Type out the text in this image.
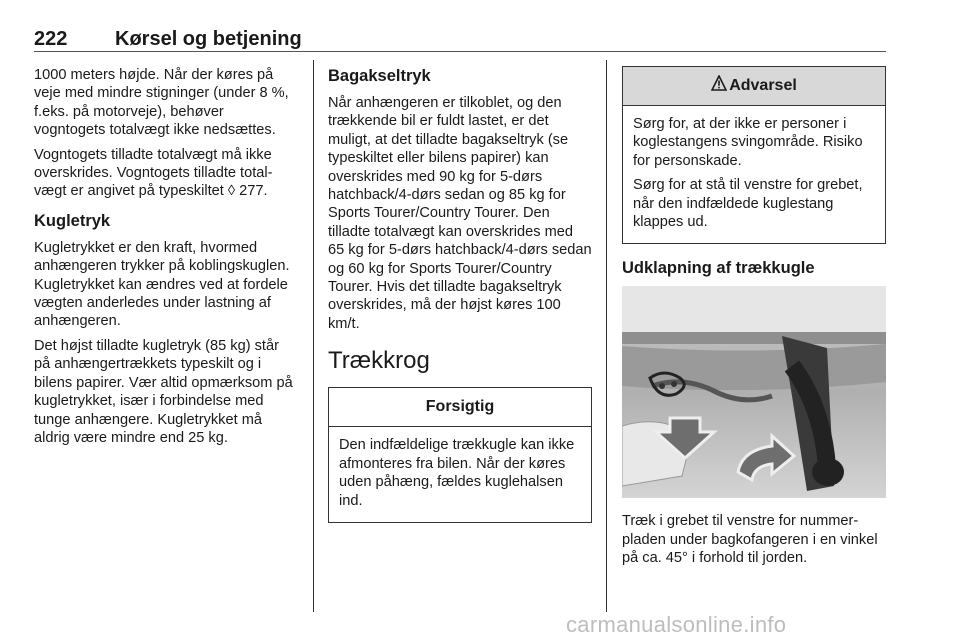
222 Kørsel og betjening

1000 meters højde. Når der køres på veje med mindre stigninger (under 8 %, f.eks. på motorveje), behøver vogntogets totalvægt ikke nedsættes.

Vogntogets tilladte totalvægt må ikke overskrides. Vogntogets tilladte totalvægt er angivet på typeskiltet ◊ 277.

Kugletryk

Kugletrykket er den kraft, hvormed anhængeren trykker på koblingskuglen. Kugletrykket kan ændres ved at fordele vægten anderledes under lastning af anhængeren.

Det højst tilladte kugletryk (85 kg) står på anhængertrækkets typeskilt og i bilens papirer. Vær altid opmærksom på kugletrykket, især i forbindelse med tunge anhængere. Kugletrykket må aldrig være mindre end 25 kg.

Bagakseltryk

Når anhængeren er tilkoblet, og den trækkende bil er fuldt lastet, er det muligt, at det tilladte bagakseltryk (se typeskiltet eller bilens papirer) kan overskrides med 90 kg for 5-dørs hatchback/4-dørs sedan og 85 kg for Sports Tourer/Country Tourer. Den tilladte totalvægt kan overskrides med 65 kg for 5-dørs hatchback/4-dørs sedan og 60 kg for Sports Tourer/Country Tourer. Hvis det tilladte bagakseltryk overskrides, må der højst køres 100 km/t.

Trækkrog
Forsigtig

Den indfældelige trækkugle kan ikke afmonteres fra bilen. Når der køres uden påhæng, fældes kuglehalsen ind.

Advarsel

Sørg for, at der ikke er personer i koglestangens svingområde. Risiko for personskade.

Sørg for at stå til venstre for grebet, når den indfældede kuglestang klappes ud.

Udklapning af trækkugle

Træk i grebet til venstre for nummerpladen under bagkofangeren i en vinkel på ca. 45° i forhold til jorden.

carmanualsonline.info
